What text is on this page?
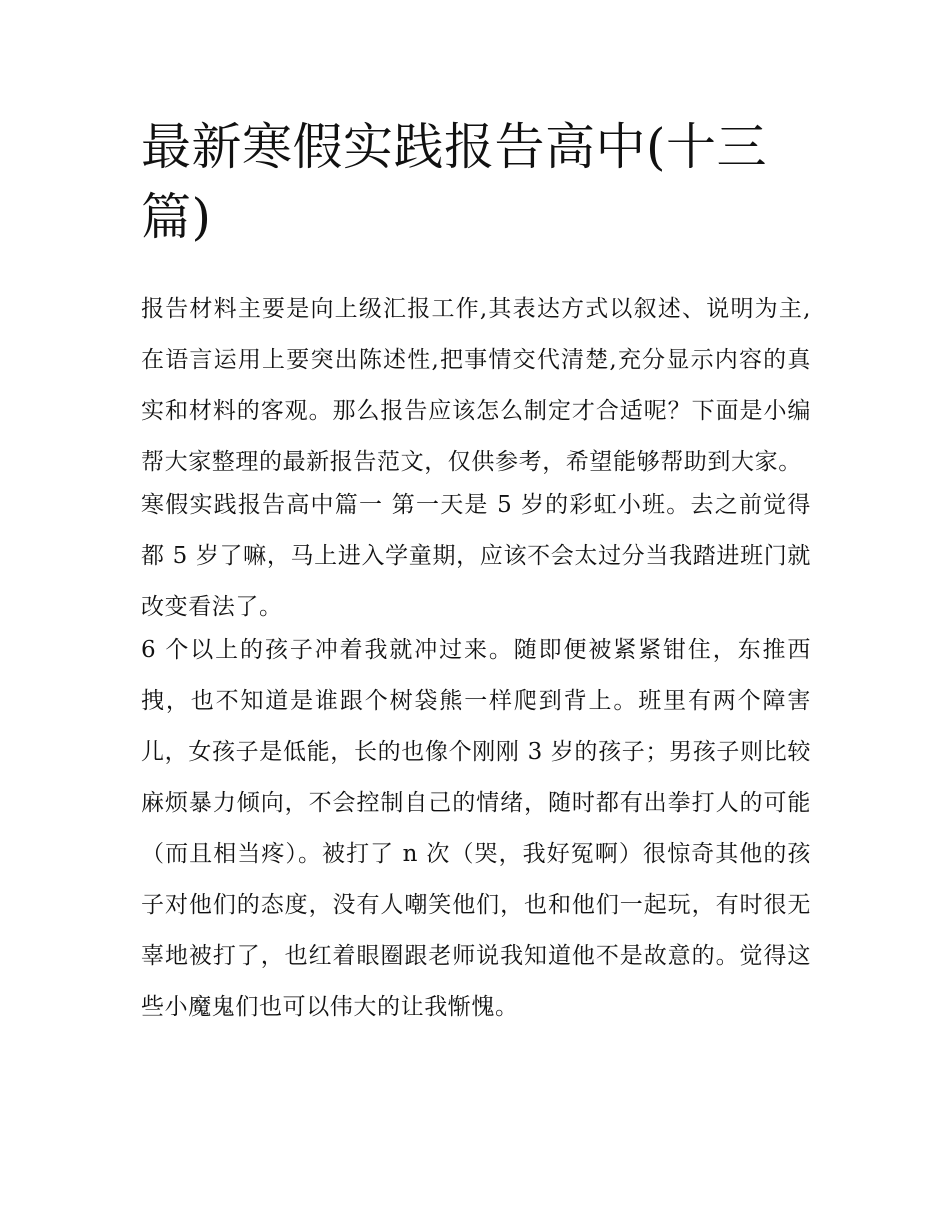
最新寒假实践报告高中(十三篇)

报告材料主要是向上级汇报工作,其表达方式以叙述、说明为主,在语言运用上要突出陈述性,把事情交代清楚,充分显示内容的真实和材料的客观。那么报告应该怎么制定才合适呢？下面是小编帮大家整理的最新报告范文，仅供参考，希望能够帮助到大家。

寒假实践报告高中篇一 第一天是 5 岁的彩虹小班。去之前觉得都 5 岁了嘛，马上进入学童期，应该不会太过分当我踏进班门就改变看法了。

6 个以上的孩子冲着我就冲过来。随即便被紧紧钳住，东推西拽，也不知道是谁跟个树袋熊一样爬到背上。班里有两个障害儿，女孩子是低能，长的也像个刚刚 3 岁的孩子；男孩子则比较麻烦暴力倾向，不会控制自己的情绪，随时都有出拳打人的可能（而且相当疼）。被打了 n 次（哭，我好冤啊）很惊奇其他的孩子对他们的态度，没有人嘲笑他们，也和他们一起玩，有时很无辜地被打了，也红着眼圈跟老师说我知道他不是故意的。觉得这些小魔鬼们也可以伟大的让我惭愧。
